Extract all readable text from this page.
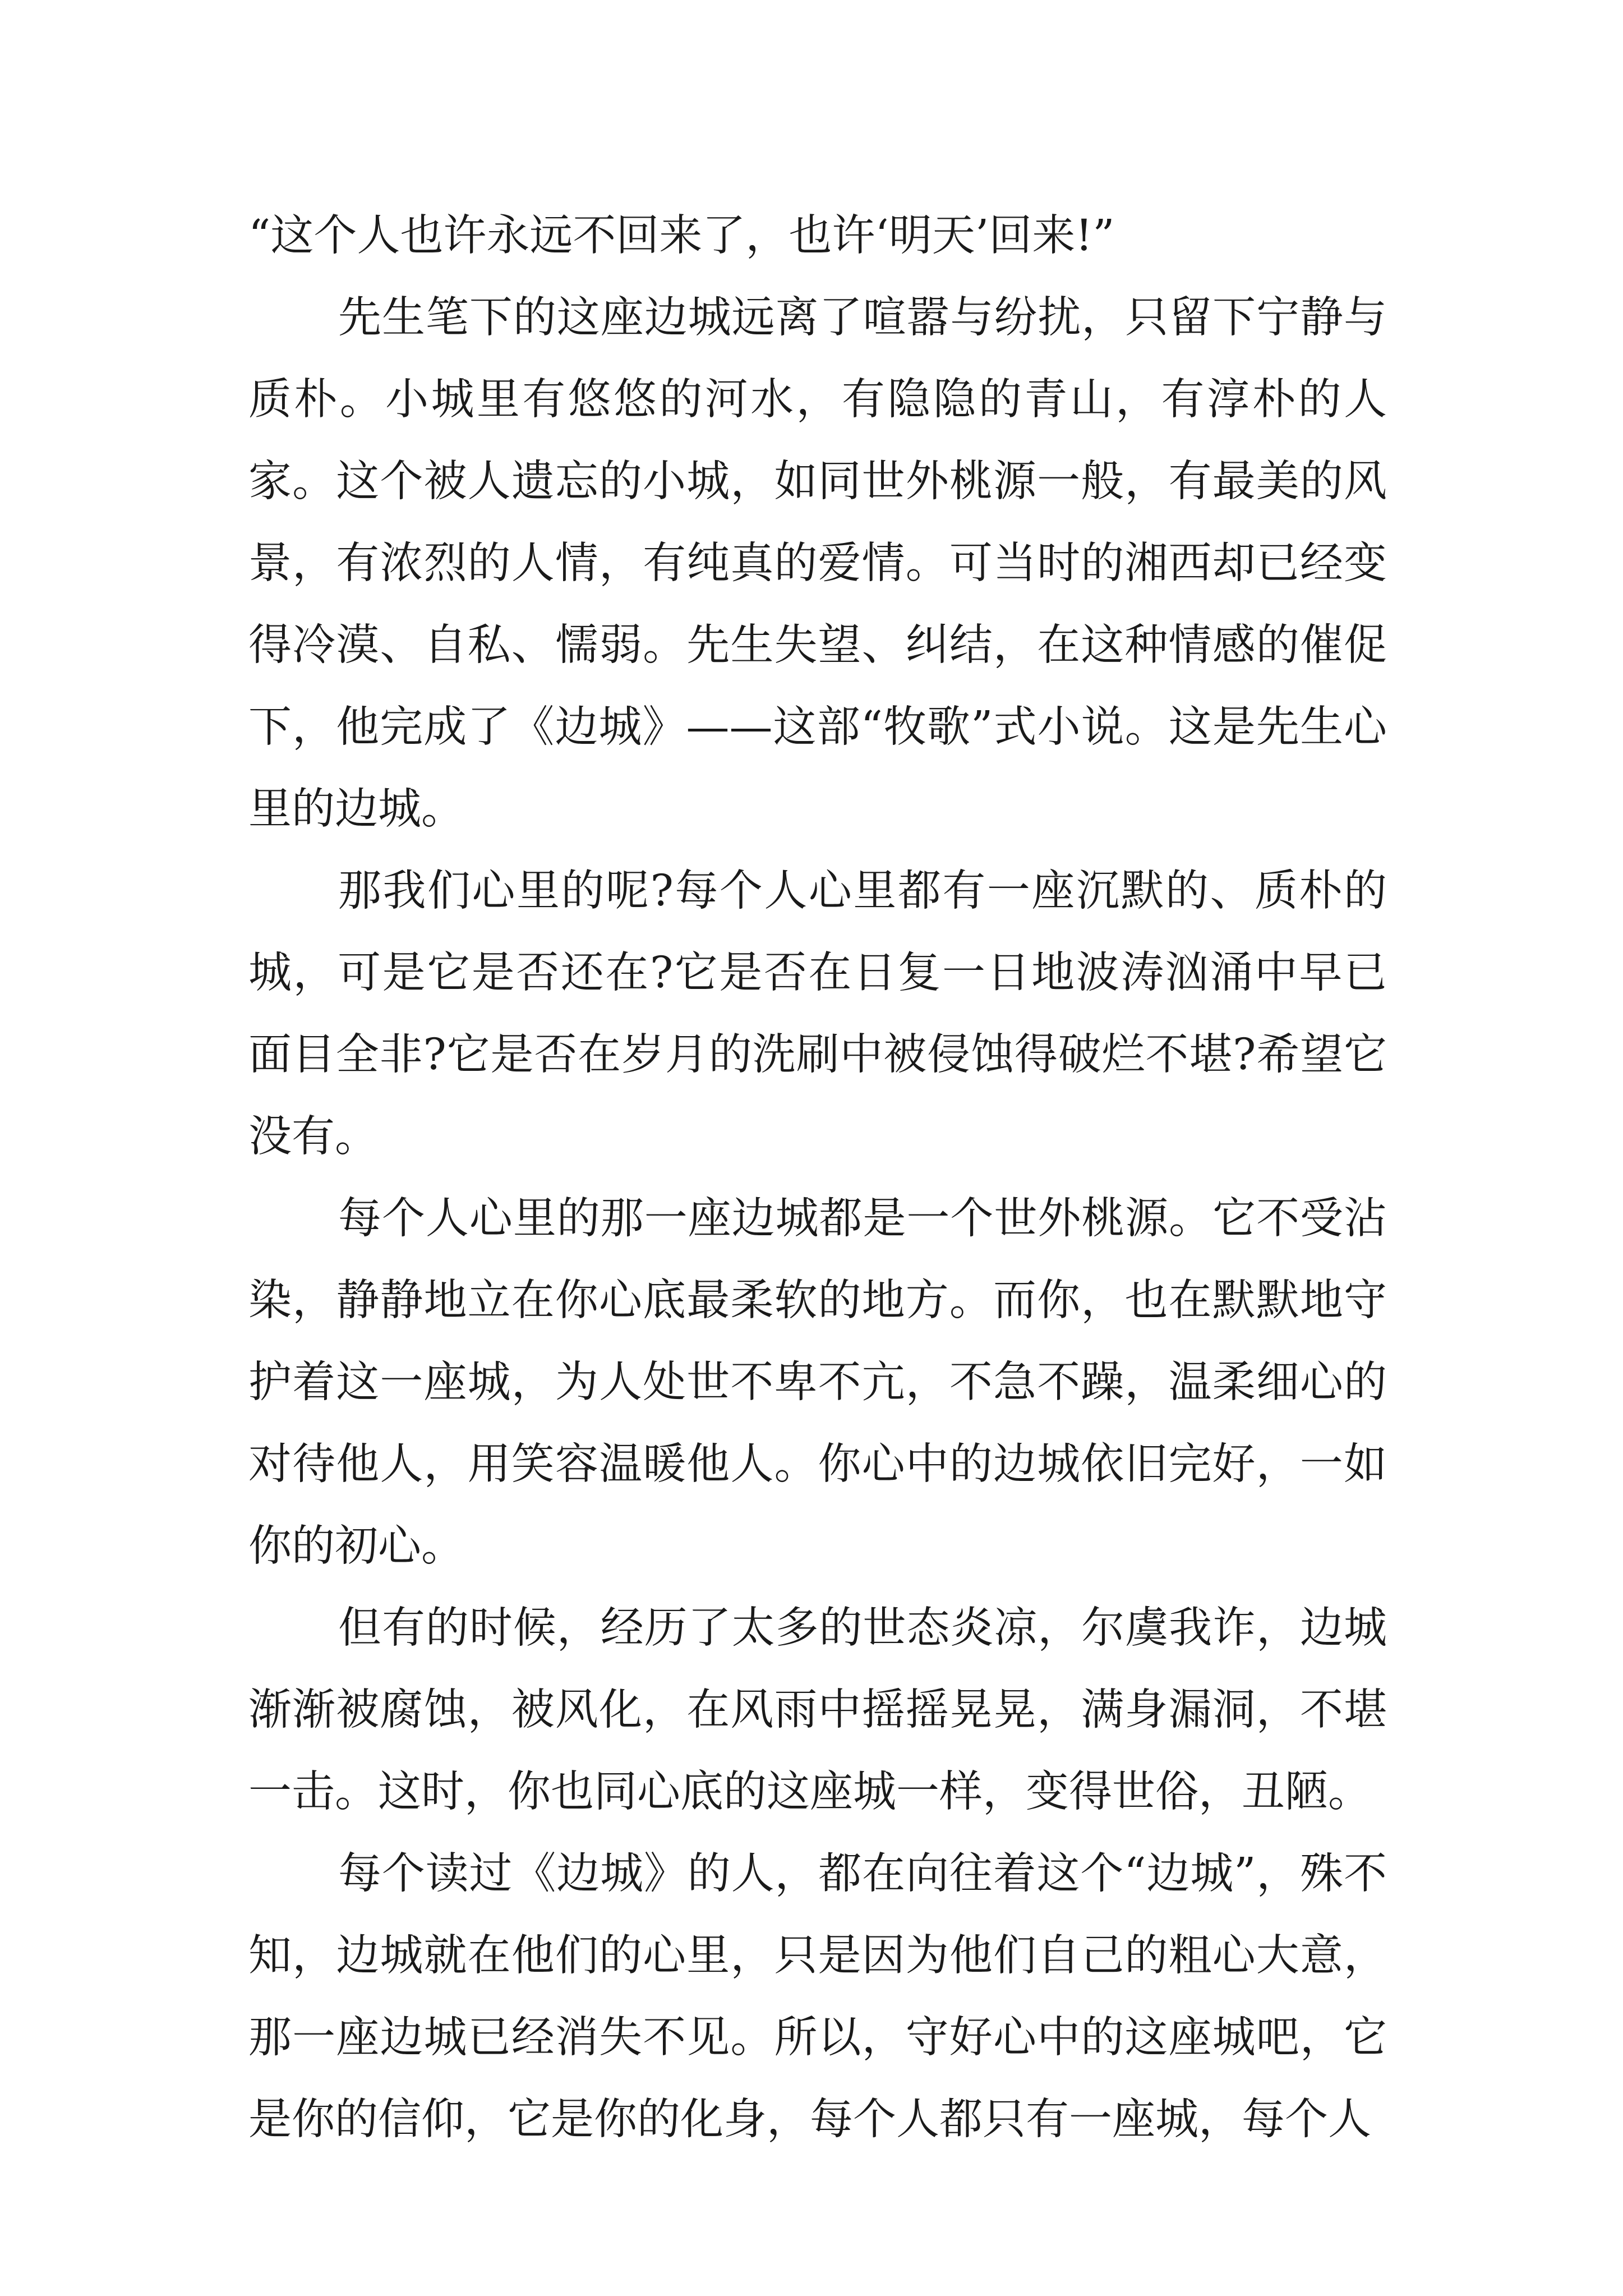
“这个人也许永远不回来了，也许‘明天’回来!”

先生笔下的这座边城远离了喧嚣与纷扰，只留下宁静与质朴。小城里有悠悠的河水，有隐隐的青山，有淳朴的人家。这个被人遗忘的小城，如同世外桃源一般，有最美的风景，有浓烈的人情，有纯真的爱情。可当时的湘西却已经变得冷漠、自私、懦弱。先生失望、纠结，在这种情感的催促下，他完成了《边城》——这部“牧歌”式小说。这是先生心里的边城。

那我们心里的呢?每个人心里都有一座沉默的、质朴的城，可是它是否还在?它是否在日复一日地波涛汹涌中早已面目全非?它是否在岁月的洗刷中被侵蚀得破烂不堪?希望它没有。

每个人心里的那一座边城都是一个世外桃源。它不受沾染，静静地立在你心底最柔软的地方。而你，也在默默地守护着这一座城，为人处世不卑不亢，不急不躁，温柔细心的对待他人，用笑容温暖他人。你心中的边城依旧完好，一如你的初心。

但有的时候，经历了太多的世态炎凉，尔虞我诈，边城渐渐被腐蚀，被风化，在风雨中摇摇晃晃，满身漏洞，不堪一击。这时，你也同心底的这座城一样，变得世俗，丑陋。

每个读过《边城》的人，都在向往着这个“边城”，殊不知，边城就在他们的心里，只是因为他们自己的粗心大意，那一座边城已经消失不见。所以，守好心中的这座城吧，它是你的信仰，它是你的化身，每个人都只有一座城，每个人
